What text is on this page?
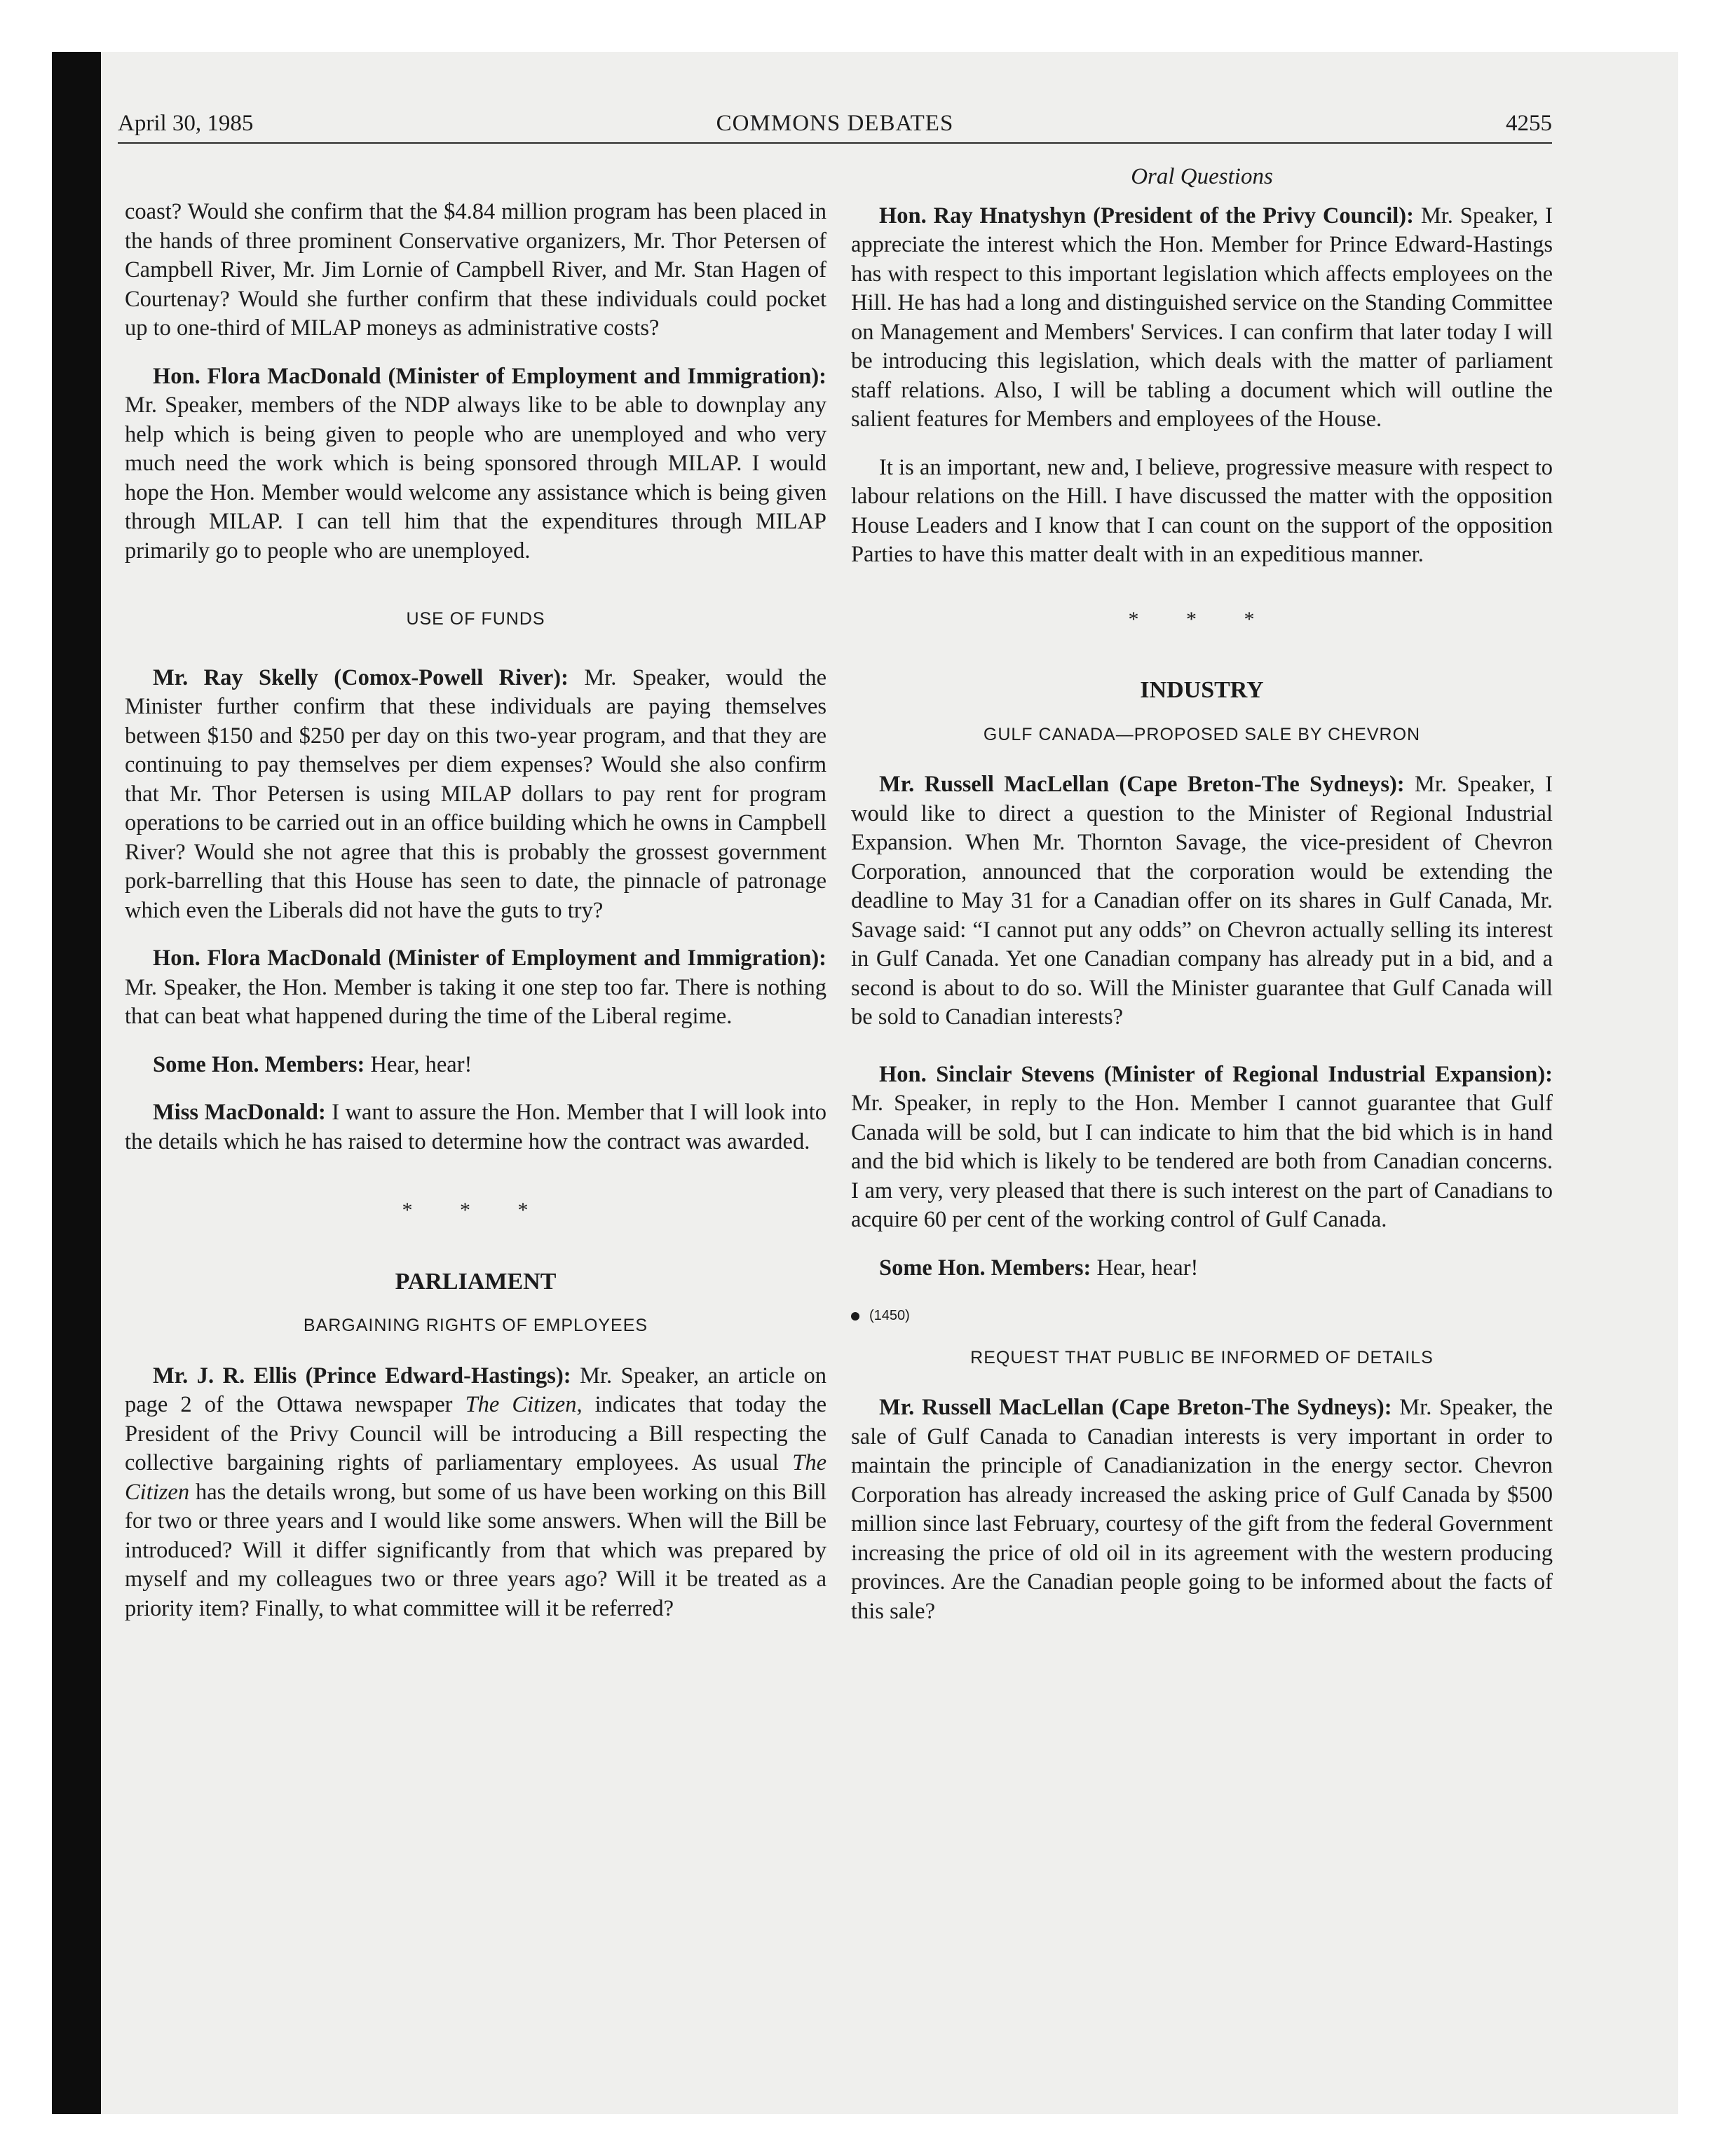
April 30, 1985	COMMONS DEBATES	4255

coast? Would she confirm that the $4.84 million program has been placed in the hands of three prominent Conservative organizers, Mr. Thor Petersen of Campbell River, Mr. Jim Lornie of Campbell River, and Mr. Stan Hagen of Courtenay? Would she further confirm that these individuals could pocket up to one-third of MILAP moneys as administrative costs?

Hon. Flora MacDonald (Minister of Employment and Immigration): Mr. Speaker, members of the NDP always like to be able to downplay any help which is being given to people who are unemployed and who very much need the work which is being sponsored through MILAP. I would hope the Hon. Member would welcome any assistance which is being given through MILAP. I can tell him that the expenditures through MILAP primarily go to people who are unemployed.

USE OF FUNDS

Mr. Ray Skelly (Comox-Powell River): Mr. Speaker, would the Minister further confirm that these individuals are paying themselves between $150 and $250 per day on this two-year program, and that they are continuing to pay themselves per diem expenses? Would she also confirm that Mr. Thor Petersen is using MILAP dollars to pay rent for program operations to be carried out in an office building which he owns in Campbell River? Would she not agree that this is probably the grossest government pork-barrelling that this House has seen to date, the pinnacle of patronage which even the Liberals did not have the guts to try?

Hon. Flora MacDonald (Minister of Employment and Immigration): Mr. Speaker, the Hon. Member is taking it one step too far. There is nothing that can beat what happened during the time of the Liberal regime.

Some Hon. Members: Hear, hear!

Miss MacDonald: I want to assure the Hon. Member that I will look into the details which he has raised to determine how the contract was awarded.

* * *
PARLIAMENT
BARGAINING RIGHTS OF EMPLOYEES

Mr. J. R. Ellis (Prince Edward-Hastings): Mr. Speaker, an article on page 2 of the Ottawa newspaper The Citizen, indicates that today the President of the Privy Council will be introducing a Bill respecting the collective bargaining rights of parliamentary employees. As usual The Citizen has the details wrong, but some of us have been working on this Bill for two or three years and I would like some answers. When will the Bill be introduced? Will it differ significantly from that which was prepared by myself and my colleagues two or three years ago? Will it be treated as a priority item? Finally, to what committee will it be referred?

Oral Questions

Hon. Ray Hnatyshyn (President of the Privy Council): Mr. Speaker, I appreciate the interest which the Hon. Member for Prince Edward-Hastings has with respect to this important legislation which affects employees on the Hill. He has had a long and distinguished service on the Standing Committee on Management and Members' Services. I can confirm that later today I will be introducing this legislation, which deals with the matter of parliament staff relations. Also, I will be tabling a document which will outline the salient features for Members and employees of the House.

It is an important, new and, I believe, progressive measure with respect to labour relations on the Hill. I have discussed the matter with the opposition House Leaders and I know that I can count on the support of the opposition Parties to have this matter dealt with in an expeditious manner.

* * *
INDUSTRY
GULF CANADA—PROPOSED SALE BY CHEVRON

Mr. Russell MacLellan (Cape Breton-The Sydneys): Mr. Speaker, I would like to direct a question to the Minister of Regional Industrial Expansion. When Mr. Thornton Savage, the vice-president of Chevron Corporation, announced that the corporation would be extending the deadline to May 31 for a Canadian offer on its shares in Gulf Canada, Mr. Savage said: “I cannot put any odds” on Chevron actually selling its interest in Gulf Canada. Yet one Canadian company has already put in a bid, and a second is about to do so. Will the Minister guarantee that Gulf Canada will be sold to Canadian interests?

Hon. Sinclair Stevens (Minister of Regional Industrial Expansion): Mr. Speaker, in reply to the Hon. Member I cannot guarantee that Gulf Canada will be sold, but I can indicate to him that the bid which is in hand and the bid which is likely to be tendered are both from Canadian concerns. I am very, very pleased that there is such interest on the part of Canadians to acquire 60 per cent of the working control of Gulf Canada.

Some Hon. Members: Hear, hear!

(1450)
REQUEST THAT PUBLIC BE INFORMED OF DETAILS

Mr. Russell MacLellan (Cape Breton-The Sydneys): Mr. Speaker, the sale of Gulf Canada to Canadian interests is very important in order to maintain the principle of Canadianization in the energy sector. Chevron Corporation has already increased the asking price of Gulf Canada by $500 million since last February, courtesy of the gift from the federal Government increasing the price of old oil in its agreement with the western producing provinces. Are the Canadian people going to be informed about the facts of this sale?
